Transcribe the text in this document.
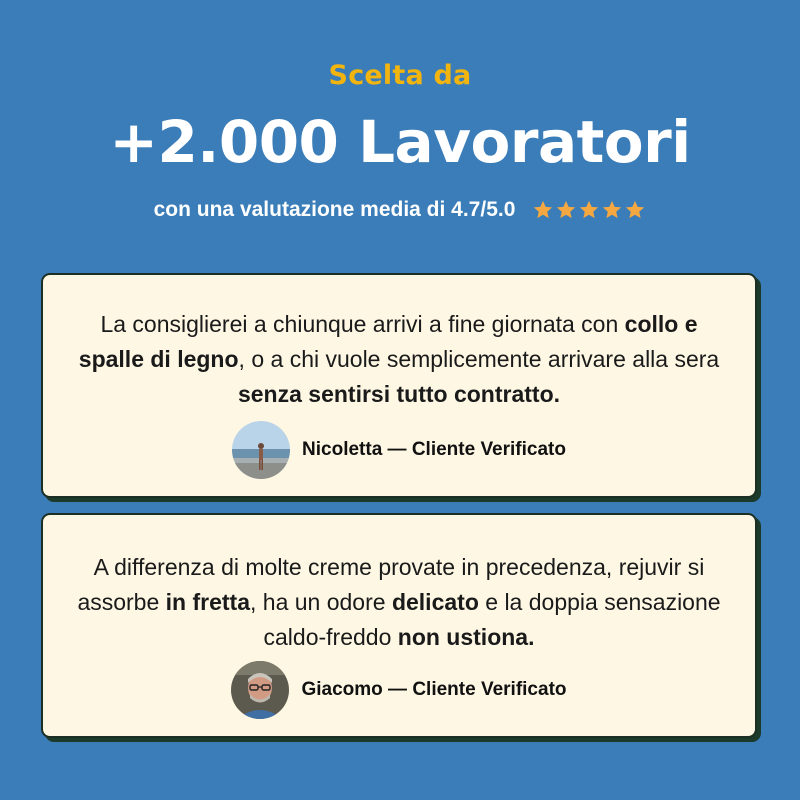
Scelta da
+2.000 Lavoratori
con una valutazione media di 4.7/5.0
La consiglierei a chiunque arrivi a fine giornata con collo e spalle di legno, o a chi vuole semplicemente arrivare alla sera senza sentirsi tutto contratto.
Nicoletta — Cliente Verificato
A differenza di molte creme provate in precedenza, rejuvir si assorbe in fretta, ha un odore delicato e la doppia sensazione caldo-freddo non ustiona.
Giacomo — Cliente Verificato
